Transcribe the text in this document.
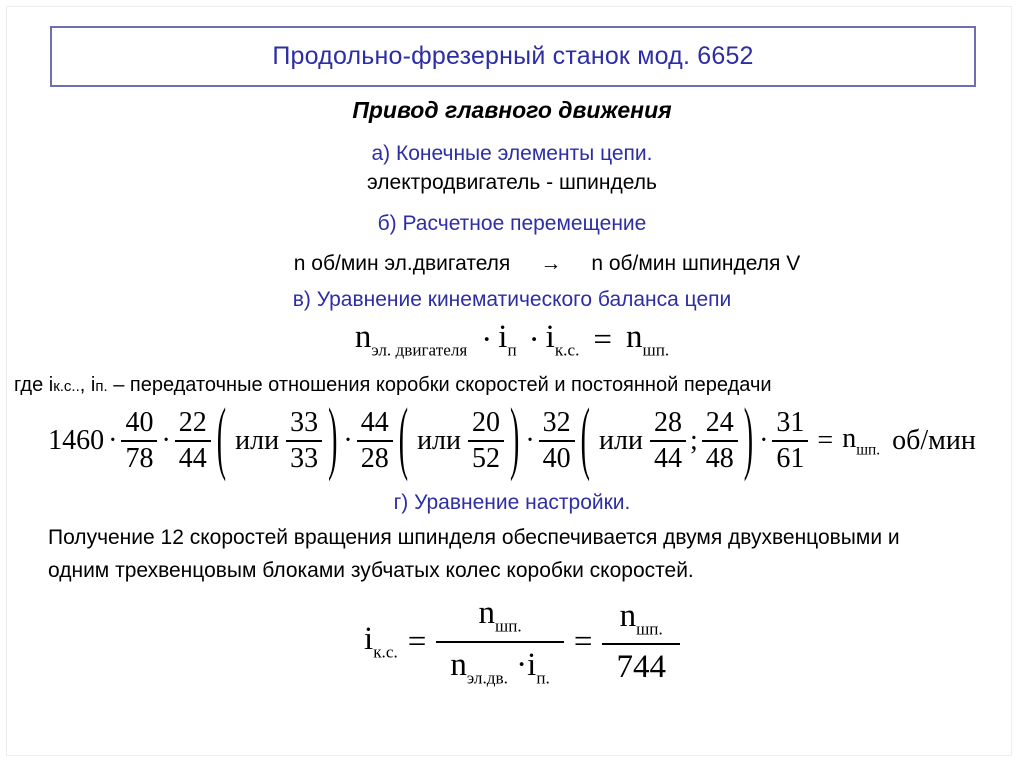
Продольно-фрезерный станок мод. 6652
Привод главного движения
а) Конечные элементы цепи.
электродвигатель - шпиндель
б) Расчетное перемещение
n об/мин эл.двигателя → n об/мин шпинделя V
в) Уравнение кинематического баланса цепи
$n_{эл. двигателя} \cdot i_п \cdot i_{к.с.} = n_{шп.}$
где iк.с.., iп. – передаточные отношения коробки скоростей и постоянной передачи
$1460 \cdot \frac{40}{78} \cdot \frac{22}{44}$ ( или $\frac{33}{33}$ ) · $\frac{44}{28}$ ( или $\frac{20}{52}$ ) · $\frac{32}{40}$ ( или $\frac{28}{44}$ ; $\frac{24}{48}$ ) · $\frac{31}{61} = n_{шп.}$ об/мин
г) Уравнение настройки.
Получение 12 скоростей вращения шпинделя обеспечивается двумя двухвенцовыми и
одним трехвенцовым блоками зубчатых колес коробки скоростей.
$i_{к.с.} = \frac{n_{шп.}}{n_{эл.дв.} \cdot i_{п.}} = \frac{n_{шп.}}{744}$
